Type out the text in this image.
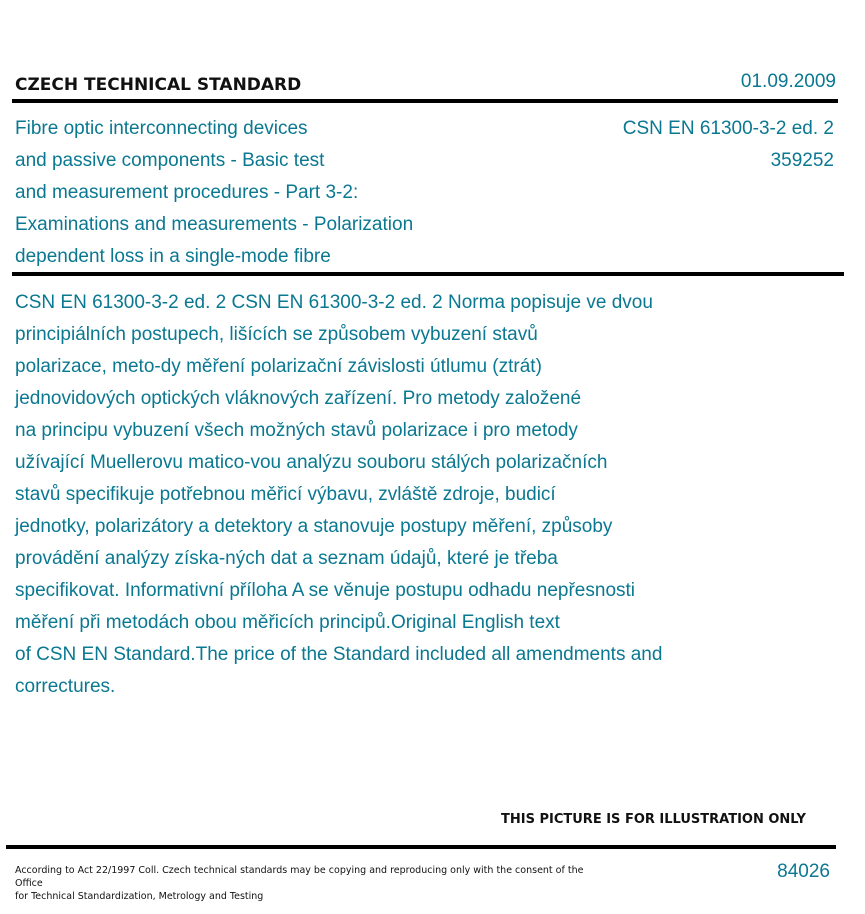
CZECH TECHNICAL STANDARD	01.09.2009
Fibre optic interconnecting devices
and passive components - Basic test
and measurement procedures - Part 3-2:
Examinations and measurements - Polarization
dependent loss in a single-mode fibre
CSN EN 61300-3-2 ed. 2
359252
CSN EN 61300-3-2 ed. 2 CSN EN 61300-3-2 ed. 2 Norma popisuje ve dvou
principiálních postupech, lišících se způsobem vybuzení stavů
polarizace, meto-dy měření polarizační závislosti útlumu (ztrát)
jednovidových optických vláknových zařízení. Pro metody založené
na principu vybuzení všech možných stavů polarizace i pro metody
užívající Muellerovu matico-vou analýzu souboru stálých polarizačních
stavů specifikuje potřebnou měřicí výbavu, zvláště zdroje, budicí
jednotky, polarizátory a detektory a stanovuje postupy měření, způsoby
provádění analýzy získa-ných dat a seznam údajů, které je třeba
specifikovat. Informativní příloha A se věnuje postupu odhadu nepřesnosti
měření při metodách obou měřicích principů.Original English text
of CSN EN Standard.The price of the Standard included all amendments and
correctures.
THIS PICTURE IS FOR ILLUSTRATION ONLY
According to Act 22/1997 Coll. Czech technical standards may be copying and reproducing only with the consent of the Office
for Technical Standardization, Metrology and Testing
84026
